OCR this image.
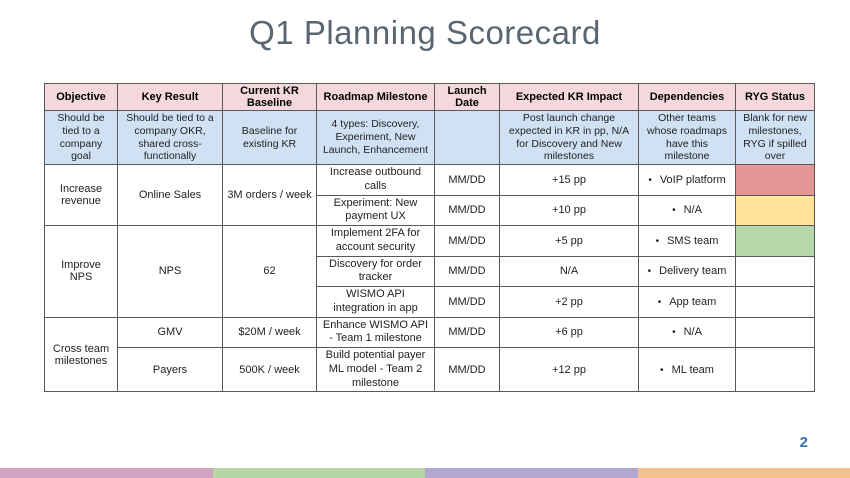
Q1 Planning Scorecard
Objective	Key Result	Current KR Baseline	Roadmap Milestone	Launch Date	Expected KR Impact	Dependencies	RYG Status
Should be tied to a company goal	Should be tied to a company OKR, shared cross-functionally	Baseline for existing KR	4 types: Discovery, Experiment, New Launch, Enhancement		Post launch change expected in KR in pp, N/A for Discovery and New milestones	Other teams whose roadmaps have this milestone	Blank for new milestones, RYG if spilled over
Increase revenue	Online Sales	3M orders / week	Increase outbound calls	MM/DD	+15 pp	• VoIP platform	
			Experiment: New payment UX	MM/DD	+10 pp	• N/A	
Improve NPS	NPS	62	Implement 2FA for account security	MM/DD	+5 pp	• SMS team	
			Discovery for order tracker	MM/DD	N/A	• Delivery team	
			WISMO API integration in app	MM/DD	+2 pp	• App team	
Cross team milestones	GMV	$20M / week	Enhance WISMO API - Team 1 milestone	MM/DD	+6 pp	• N/A	
	Payers	500K / week	Build potential payer ML model - Team 2 milestone	MM/DD	+12 pp	• ML team	
2
